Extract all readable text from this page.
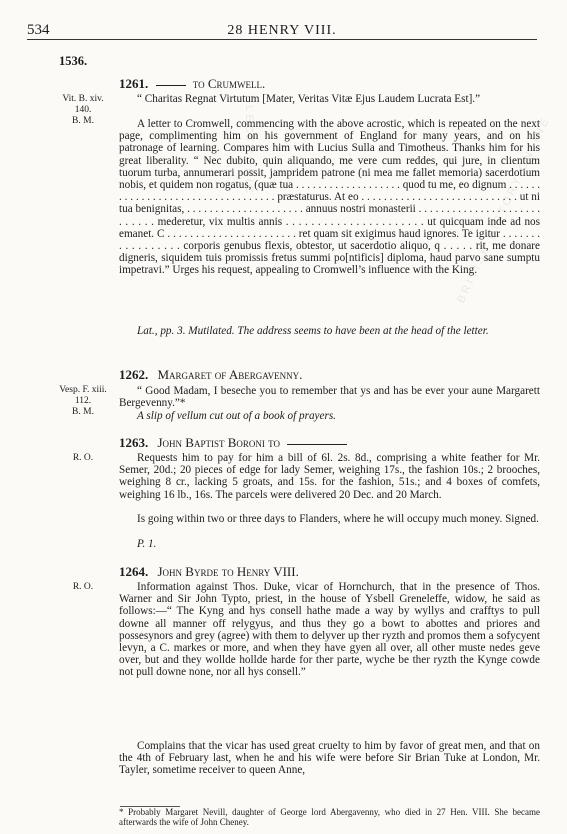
ELECTRONIC	BRITISH HISTORY ONLINE
534	28 HENRY VIII.
1536.
1261.	to Crumwell.
Vit. B. xiv.
140.
B. M.
“ Charitas Regnat Virtutum [Mater, Veritas Vitæ Ejus Laudem Lucrata Est].”
A letter to Cromwell, commencing with the above acrostic, which is repeated on the next page, complimenting him on his government of England for many years, and on his patronage of learning. Compares him with Lucius Sulla and Timotheus. Thanks him for his great liberality. “ Nec dubito, quin aliquando, me vere cum reddes, qui jure, in clientum tuorum turba, annumerari possit, jampridem patrone (ni mea me fallet memoria) sacerdotium nobis, et quidem non rogatus, (quæ tua . . . . . . . . . . . . . . . . . . . quod tu me, eo dignum . . . . . . . . . . . . . . . . . . . . . . . . . . . . . . . . . . præstaturus. At eo . . . . . . . . . . . . . . . . . . . . . . . . . . . . ut ni tua benignitas, . . . . . . . . . . . . . . . . . . . . . annuus nostri monasterii . . . . . . . . . . . . . . . . . . . . . . . . . . . . mederetur, vix multis annis . . . . . . . . . . . . . . . . . . . . . . ut quicquam inde ad nos emanet. C . . . . . . . . . . . . . . . . . . . . . . . ret quam sit exigimus haud ignores. Te igitur . . . . . . . . . . . . . . . . . corporis genubus flexis, obtestor, ut sacerdotio aliquo, q . . . . . rit, me donare digneris, siquidem tuis promissis fretus summi po[ntificis] diploma, haud parvo sane sumptu impetravi.” Urges his request, appealing to Cromwell’s influence with the King.
Lat., pp. 3. Mutilated. The address seems to have been at the head of the letter.
1262. Margaret of Abergavenny.
Vesp. F. xiii.
112.
B. M.
“ Good Madam, I beseche you to remember that ys and has be ever your aune Margarett Bergevenny.”*
A slip of vellum cut out of a book of prayers.
1263. John Baptist Boroni to
R. O.	Requests him to pay for him a bill of 6l. 2s. 8d., comprising a white feather for Mr. Semer, 20d.; 20 pieces of edge for lady Semer, weighing 17s., the fashion 10s.; 2 brooches, weighing 8 cr., lacking 5 groats, and 15s. for the fashion, 51s.; and 4 boxes of comfets, weighing 16 lb., 16s. The parcels were delivered 20 Dec. and 20 March.
Is going within two or three days to Flanders, where he will occupy much money. Signed.
P. 1.
1264. John Byrde to Henry VIII.
R. O.	Information against Thos. Duke, vicar of Hornchurch, that in the presence of Thos. Warner and Sir John Typto, priest, in the house of Ysbell Greneleffe, widow, he said as follows:—“ The Kyng and hys consell hathe made a way by wyllys and crafftys to pull downe all manner off relygyus, and thus they go a bowt to abottes and priores and possesynors and grey (agree) with them to delyver up ther ryzth and promos them a sofycyent levyn, a C. markes or more, and when they have gyen all over, all other muste nedes geve over, but and they wollde hollde harde for ther parte, wyche be ther ryzth the Kynge cowde not pull downe none, nor all hys consell.”
Complains that the vicar has used great cruelty to him by favor of great men, and that on the 4th of February last, when he and his wife were before Sir Brian Tuke at London, Mr. Tayler, sometime receiver to queen Anne,
* Probably Margaret Nevill, daughter of George lord Abergavenny, who died in 27 Hen. VIII. She became afterwards the wife of John Cheney.
